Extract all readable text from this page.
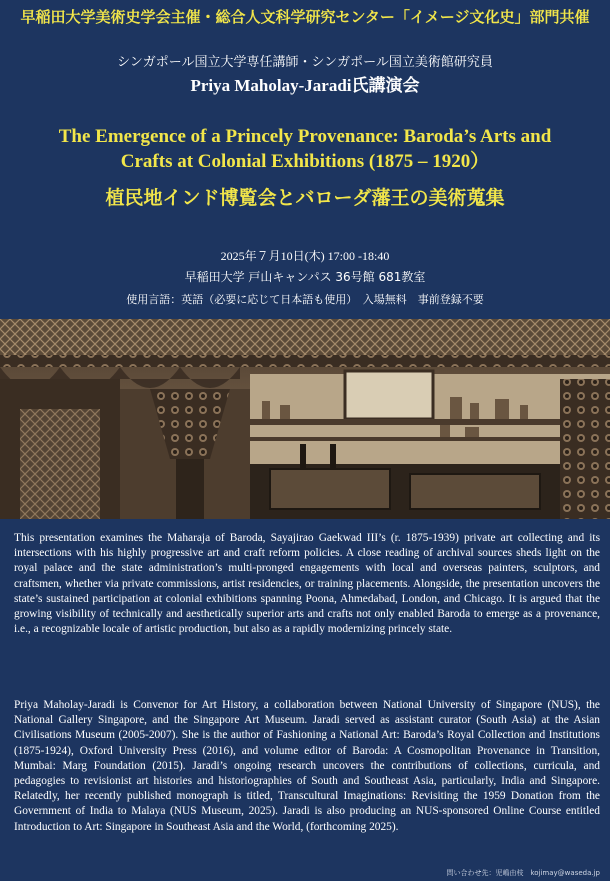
早稲田大学美術史学会主催・総合人文科学研究センター「イメージ文化史」部門共催
シンガポール国立大学専任講師・シンガポール国立美術館研究員
Priya Maholay-Jaradi氏講演会
The Emergence of a Princely Provenance: Baroda’s Arts and
Crafts at Colonial Exhibitions (1875 – 1920）
植民地インド博覧会とバローダ藩王の美術蒐集
2025年７月10日(木) 17:00 -18:40
早稲田大学 戸山キャンパス 36号館 681教室
使用言語：英語（必要に応じて日本語も使用）　入場無料　事前登録不要
This presentation examines the Maharaja of Baroda, Sayajirao Gaekwad III’s (r. 1875-1939) private art collecting and its intersections with his highly progressive art and craft reform policies. A close reading of archival sources sheds light on the royal palace and the state administration’s multi-pronged engagements with local and overseas painters, sculptors, and craftsmen, whether via private commissions, artist residencies, or training placements. Alongside, the presentation uncovers the state’s sustained participation at colonial exhibitions spanning Poona, Ahmedabad, London, and Chicago. It is argued that the growing visibility of technically and aesthetically superior arts and crafts not only enabled Baroda to emerge as a provenance, i.e., a recognizable locale of artistic production, but also as a rapidly modernizing princely state.
Priya Maholay-Jaradi is Convenor for Art History, a collaboration between National University of Singapore (NUS), the National Gallery Singapore, and the Singapore Art Museum. Jaradi served as assistant curator (South Asia) at the Asian Civilisations Museum (2005-2007). She is the author of Fashioning a National Art: Baroda’s Royal Collection and Institutions (1875-1924), Oxford University Press (2016), and volume editor of Baroda: A Cosmopolitan Provenance in Transition, Mumbai: Marg Foundation (2015). Jaradi’s ongoing research uncovers the contributions of collections, curricula, and pedagogies to revisionist art histories and historiographies of South and Southeast Asia, particularly, India and Singapore. Relatedly, her recently published monograph is titled, Transcultural Imaginations: Revisiting the 1959 Donation from the Government of India to Malaya (NUS Museum, 2025). Jaradi is also producing an NUS-sponsored Online Course entitled Introduction to Art: Singapore in Southeast Asia and the World, (forthcoming 2025).
問い合わせ先：児嶋由枝　kojimay@waseda.jp
